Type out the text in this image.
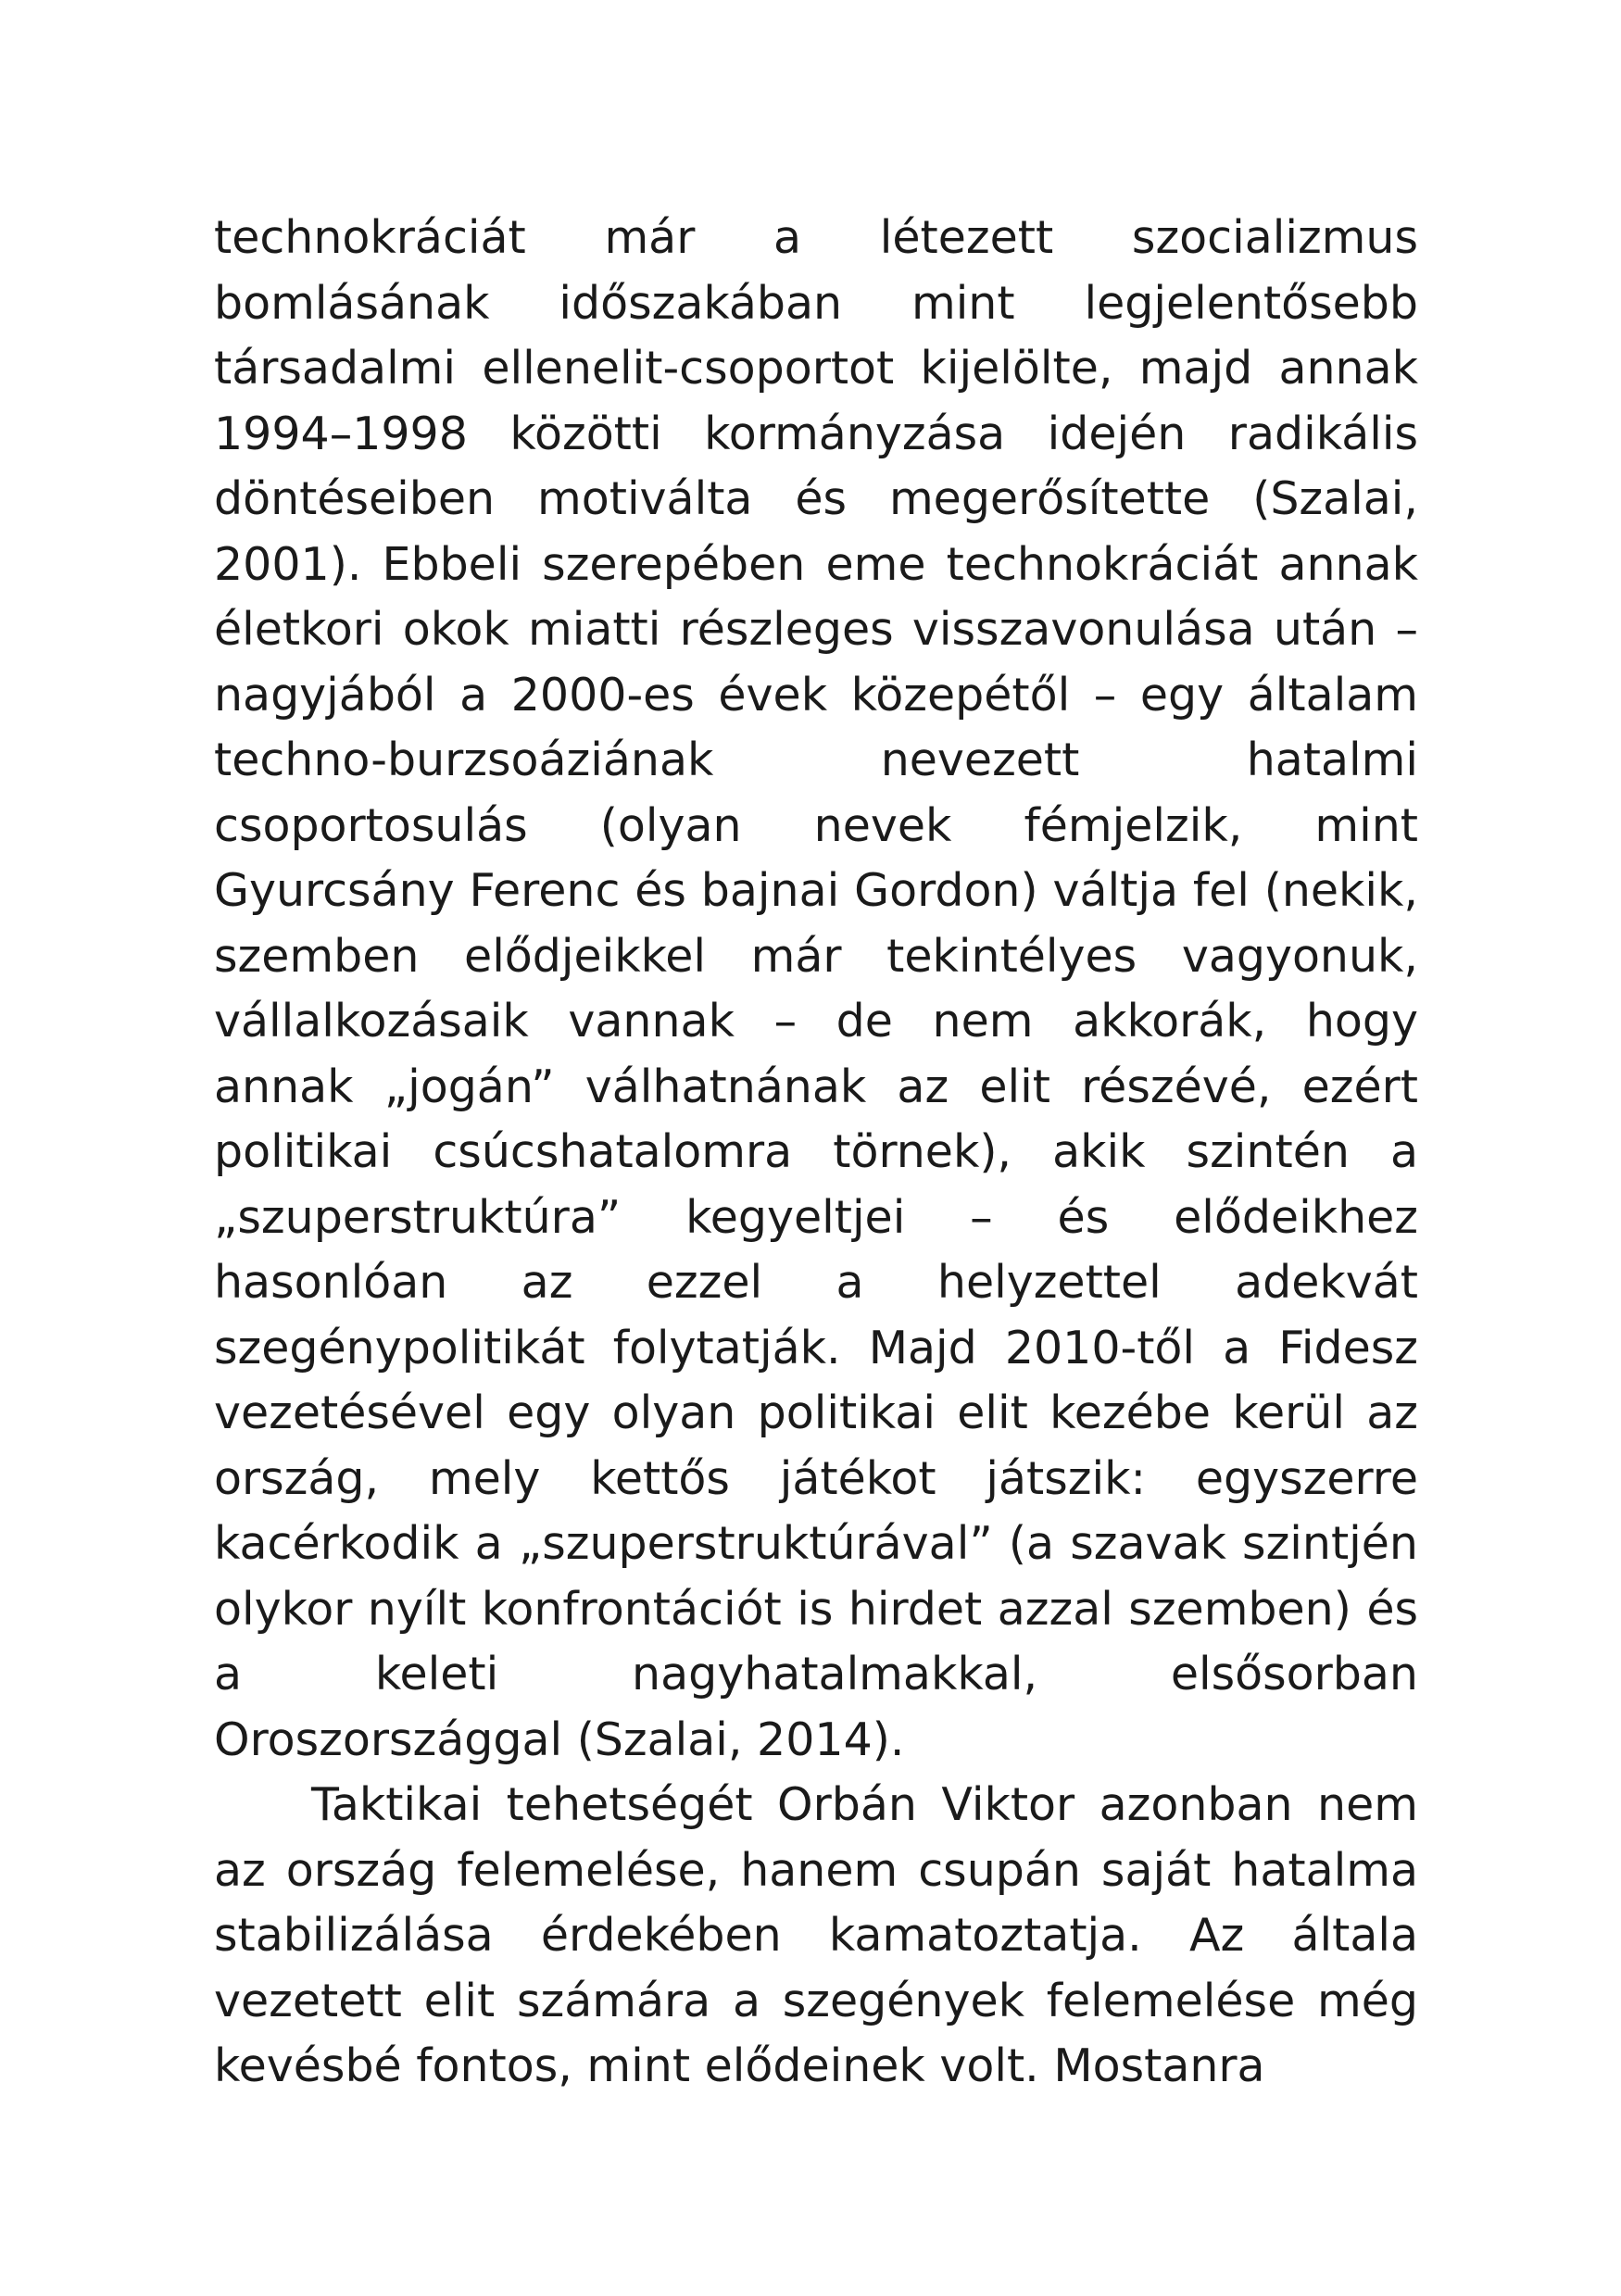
technokráciát már a létezett szocializmus bomlásának időszakában mint legjelentősebb társadalmi ellenelit-csoportot kijelölte, majd annak 1994–1998 közötti kormányzása idején radikális döntéseiben motiválta és megerősítette (Szalai, 2001). Ebbeli szerepében eme technokráciát annak életkori okok miatti részleges visszavonulása után – nagyjából a 2000-es évek közepétől – egy általam techno-burzsoáziának nevezett hatalmi csoportosulás (olyan nevek fémjelzik, mint Gyurcsány Ferenc és bajnai Gordon) váltja fel (nekik, szemben elődjeikkel már tekintélyes vagyonuk, vállalkozásaik vannak – de nem akkorák, hogy annak „jogán” válhatnának az elit részévé, ezért politikai csúcshatalomra törnek), akik szintén a „szuperstruktúra” kegyeltjei – és elődeikhez hasonlóan az ezzel a helyzettel adekvát szegénypolitikát folytatják. Majd 2010-től a Fidesz vezetésével egy olyan politikai elit kezébe kerül az ország, mely kettős játékot játszik: egyszerre kacérkodik a „szuperstruktúrával” (a szavak szintjén olykor nyílt konfrontációt is hirdet azzal szemben) és a keleti nagyhatalmakkal, elsősorban Oroszországgal (Szalai, 2014).

Taktikai tehetségét Orbán Viktor azonban nem az ország felemelése, hanem csupán saját hatalma stabilizálása érdekében kamatoztatja. Az általa vezetett elit számára a szegények felemelése még kevésbé fontos, mint elődeinek volt. Mostanra
